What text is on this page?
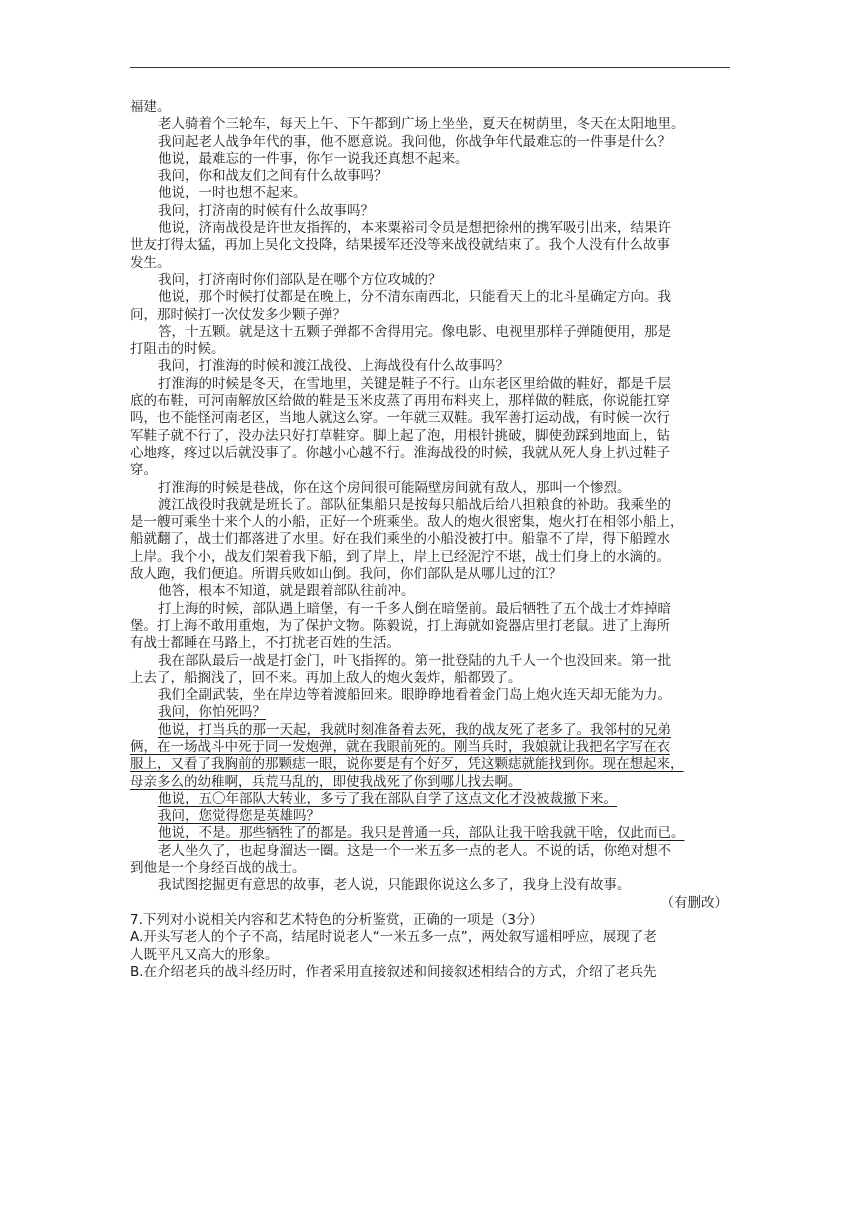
福建。
老人骑着个三轮车，每天上午、下午都到广场上坐坐，夏天在树荫里，冬天在太阳地里。
我问起老人战争年代的事，他不愿意说。我问他，你战争年代最难忘的一件事是什么？
他说，最难忘的一件事，你乍一说我还真想不起来。
我问，你和战友们之间有什么故事吗？
他说，一时也想不起来。
我问，打济南的时候有什么故事吗？
他说，济南战役是许世友指挥的，本来粟裕司令员是想把徐州的携军吸引出来，结果许
世友打得太猛，再加上吴化文投降，结果援军还没等来战役就结束了。我个人没有什么故事
发生。
我问，打济南时你们部队是在哪个方位攻城的？
他说，那个时候打仗都是在晚上，分不清东南西北，只能看天上的北斗星确定方向。我
问，那时候打一次仗发多少颗子弹？
答，十五颗。就是这十五颗子弹都不舍得用完。像电影、电视里那样子弹随便用，那是
打阻击的时候。
我问，打淮海的时候和渡江战役、上海战役有什么故事吗？
打淮海的时候是冬天，在雪地里，关键是鞋子不行。山东老区里给做的鞋好，都是千层
底的布鞋，可河南解放区给做的鞋是玉米皮蒸了再用布料夹上，那样做的鞋底，你说能扛穿
吗，也不能怪河南老区，当地人就这么穿。一年就三双鞋。我军善打运动战，有时候一次行
军鞋子就不行了，没办法只好打草鞋穿。脚上起了泡，用根针挑破，脚使劲踩到地面上，钻
心地疼，疼过以后就没事了。你越小心越不行。淮海战役的时候，我就从死人身上扒过鞋子
穿。
打淮海的时候是巷战，你在这个房间很可能隔壁房间就有敌人，那叫一个惨烈。
渡江战役时我就是班长了。部队征集船只是按每只船战后给八担粮食的补助。我乘坐的
是一艘可乘坐十来个人的小船，正好一个班乘坐。敌人的炮火很密集，炮火打在相邻小船上，
船就翻了，战士们都落进了水里。好在我们乘坐的小船没被打中。船靠不了岸，得下船蹚水
上岸。我个小，战友们架着我下船，到了岸上，岸上已经泥泞不堪，战士们身上的水滴的。
敌人跑，我们便追。所谓兵败如山倒。我问，你们部队是从哪儿过的江？
他答，根本不知道，就是跟着部队往前冲。
打上海的时候，部队遇上暗堡，有一千多人倒在暗堡前。最后牺牲了五个战士才炸掉暗
堡。打上海不敢用重炮，为了保护文物。陈毅说，打上海就如瓷器店里打老鼠。进了上海所
有战士都睡在马路上，不打扰老百姓的生活。
我在部队最后一战是打金门，叶飞指挥的。第一批登陆的九千人一个也没回来。第一批
上去了，船搁浅了，回不来。再加上敌人的炮火轰炸，船都毁了。
我们全副武装，坐在岸边等着渡船回来。眼睁睁地看着金门岛上炮火连天却无能为力。
我问，你怕死吗？
他说，打当兵的那一天起，我就时刻准备着去死，我的战友死了老多了。我邻村的兄弟
俩，在一场战斗中死于同一发炮弹，就在我眼前死的。刚当兵时，我娘就让我把名字写在衣
服上，又看了我胸前的那颗痣一眼，说你要是有个好歹，凭这颗痣就能找到你。现在想起来，
母亲多么的幼稚啊，兵荒马乱的，即使我战死了你到哪儿找去啊。
他说，五〇年部队大转业，多亏了我在部队自学了这点文化才没被裁撤下来。
我问，您觉得您是英雄吗？
他说，不是。那些牺牲了的都是。我只是普通一兵，部队让我干啥我就干啥，仅此而已。
老人坐久了，也起身溜达一圈。这是一个一米五多一点的老人。不说的话，你绝对想不
到他是一个身经百战的战士。
我试图挖掘更有意思的故事，老人说，只能跟你说这么多了，我身上没有故事。
（有删改）
7.下列对小说相关内容和艺术特色的分析鉴赏，正确的一项是（3分）
A.开头写老人的个子不高，结尾时说老人“一米五多一点”，两处叙写遥相呼应，展现了老
人既平凡又高大的形象。
B.在介绍老兵的战斗经历时，作者采用直接叙述和间接叙述相结合的方式，介绍了老兵先
